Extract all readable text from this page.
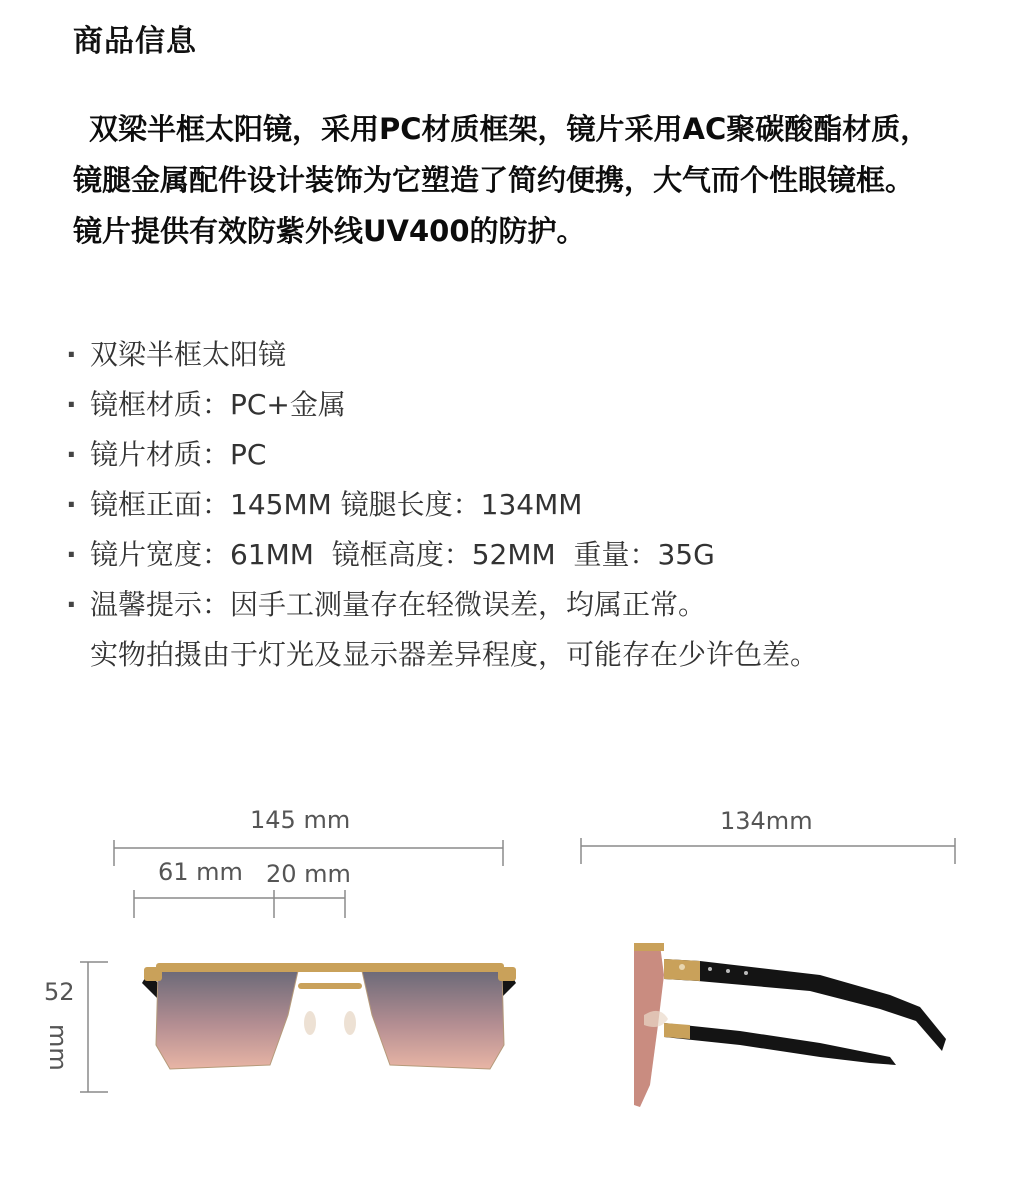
商品信息

双梁半框太阳镜，采用PC材质框架，镜片采用AC聚碳酸酯材质，

镜腿金属配件设计装饰为它塑造了简约便携，大气而个性眼镜框。

镜片提供有效防紫外线UV400的防护。

· 双梁半框太阳镜
· 镜框材质：PC+金属
· 镜片材质：PC
· 镜框正面：145MM 镜腿长度：134MM
· 镜片宽度：61MM  镜框高度：52MM  重量：35G
· 温馨提示：因手工测量存在轻微误差，均属正常。
实物拍摄由于灯光及显示器差异程度，可能存在少许色差。
145 mm
61 mm 20 mm
134mm
52
mm
